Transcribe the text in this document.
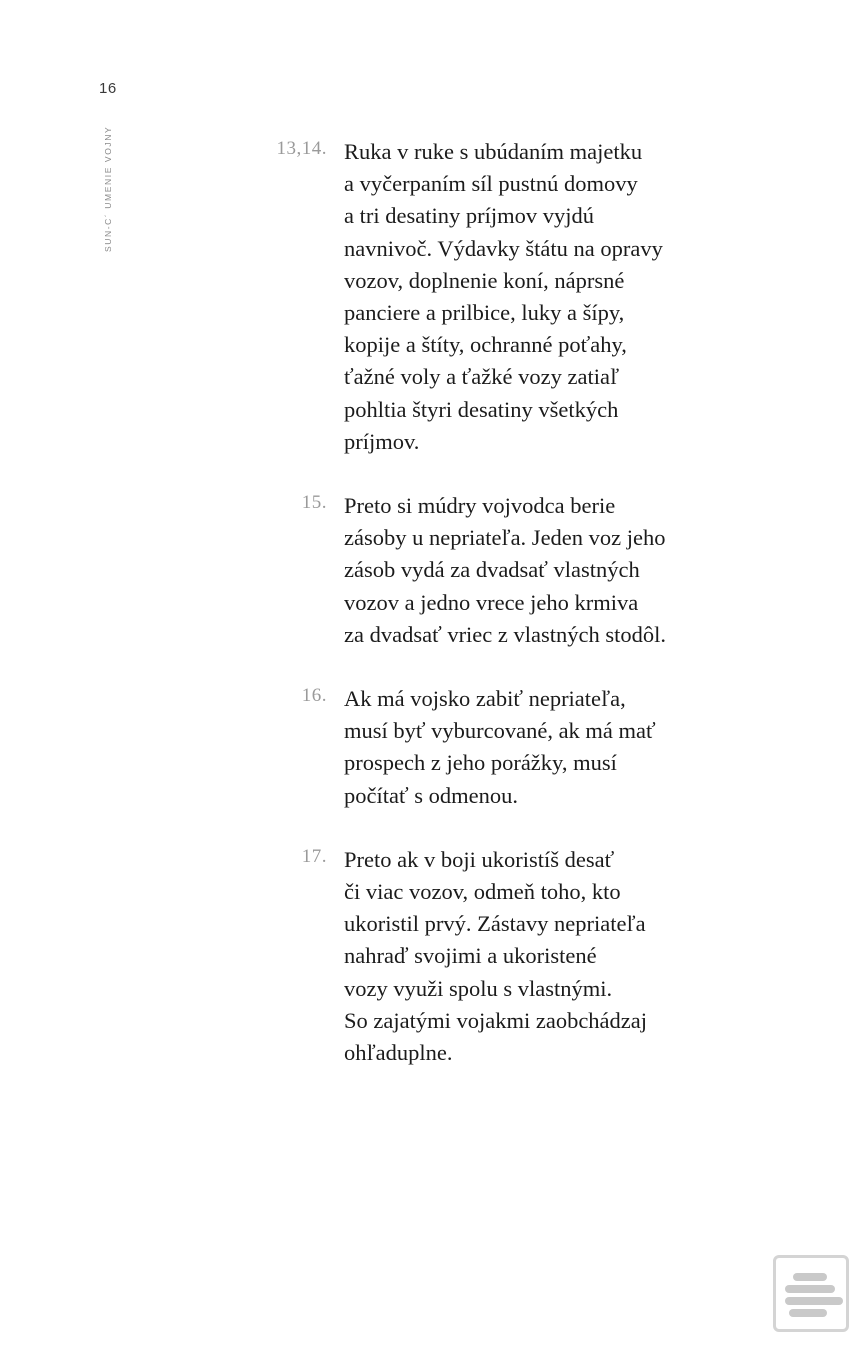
16
SUN-C´ UMENIE VOJNY	13,14. Ruka v ruke s ubúdaním majetku
a vyčerpaním síl pustnú domovy
a tri desatiny príjmov vyjdú
navnivoč. Výdavky štátu na opravy
vozov, doplnenie koní, náprsné
panciere a prilbice, luky a šípy,
kopije a štíty, ochranné poťahy,
ťažné voly a ťažké vozy zatiaľ
pohltia štyri desatiny všetkých
príjmov.
15. Preto si múdry vojvodca berie
zásoby u nepriateľa. Jeden voz jeho
zásob vydá za dvadsať vlastných
vozov a jedno vrece jeho krmiva
za dvadsať vriec z vlastných stodôl.
16. Ak má vojsko zabiť nepriateľa,
musí byť vyburcované, ak má mať
prospech z jeho porážky, musí
počítať s odmenou.
17. Preto ak v boji ukoristíš desať
či viac vozov, odmeň toho, kto
ukoristil prvý. Zástavy nepriateľa
nahraď svojimi a ukoristené
vozy využi spolu s vlastnými.
So zajatými vojakmi zaobchádzaj
ohľaduplne.
